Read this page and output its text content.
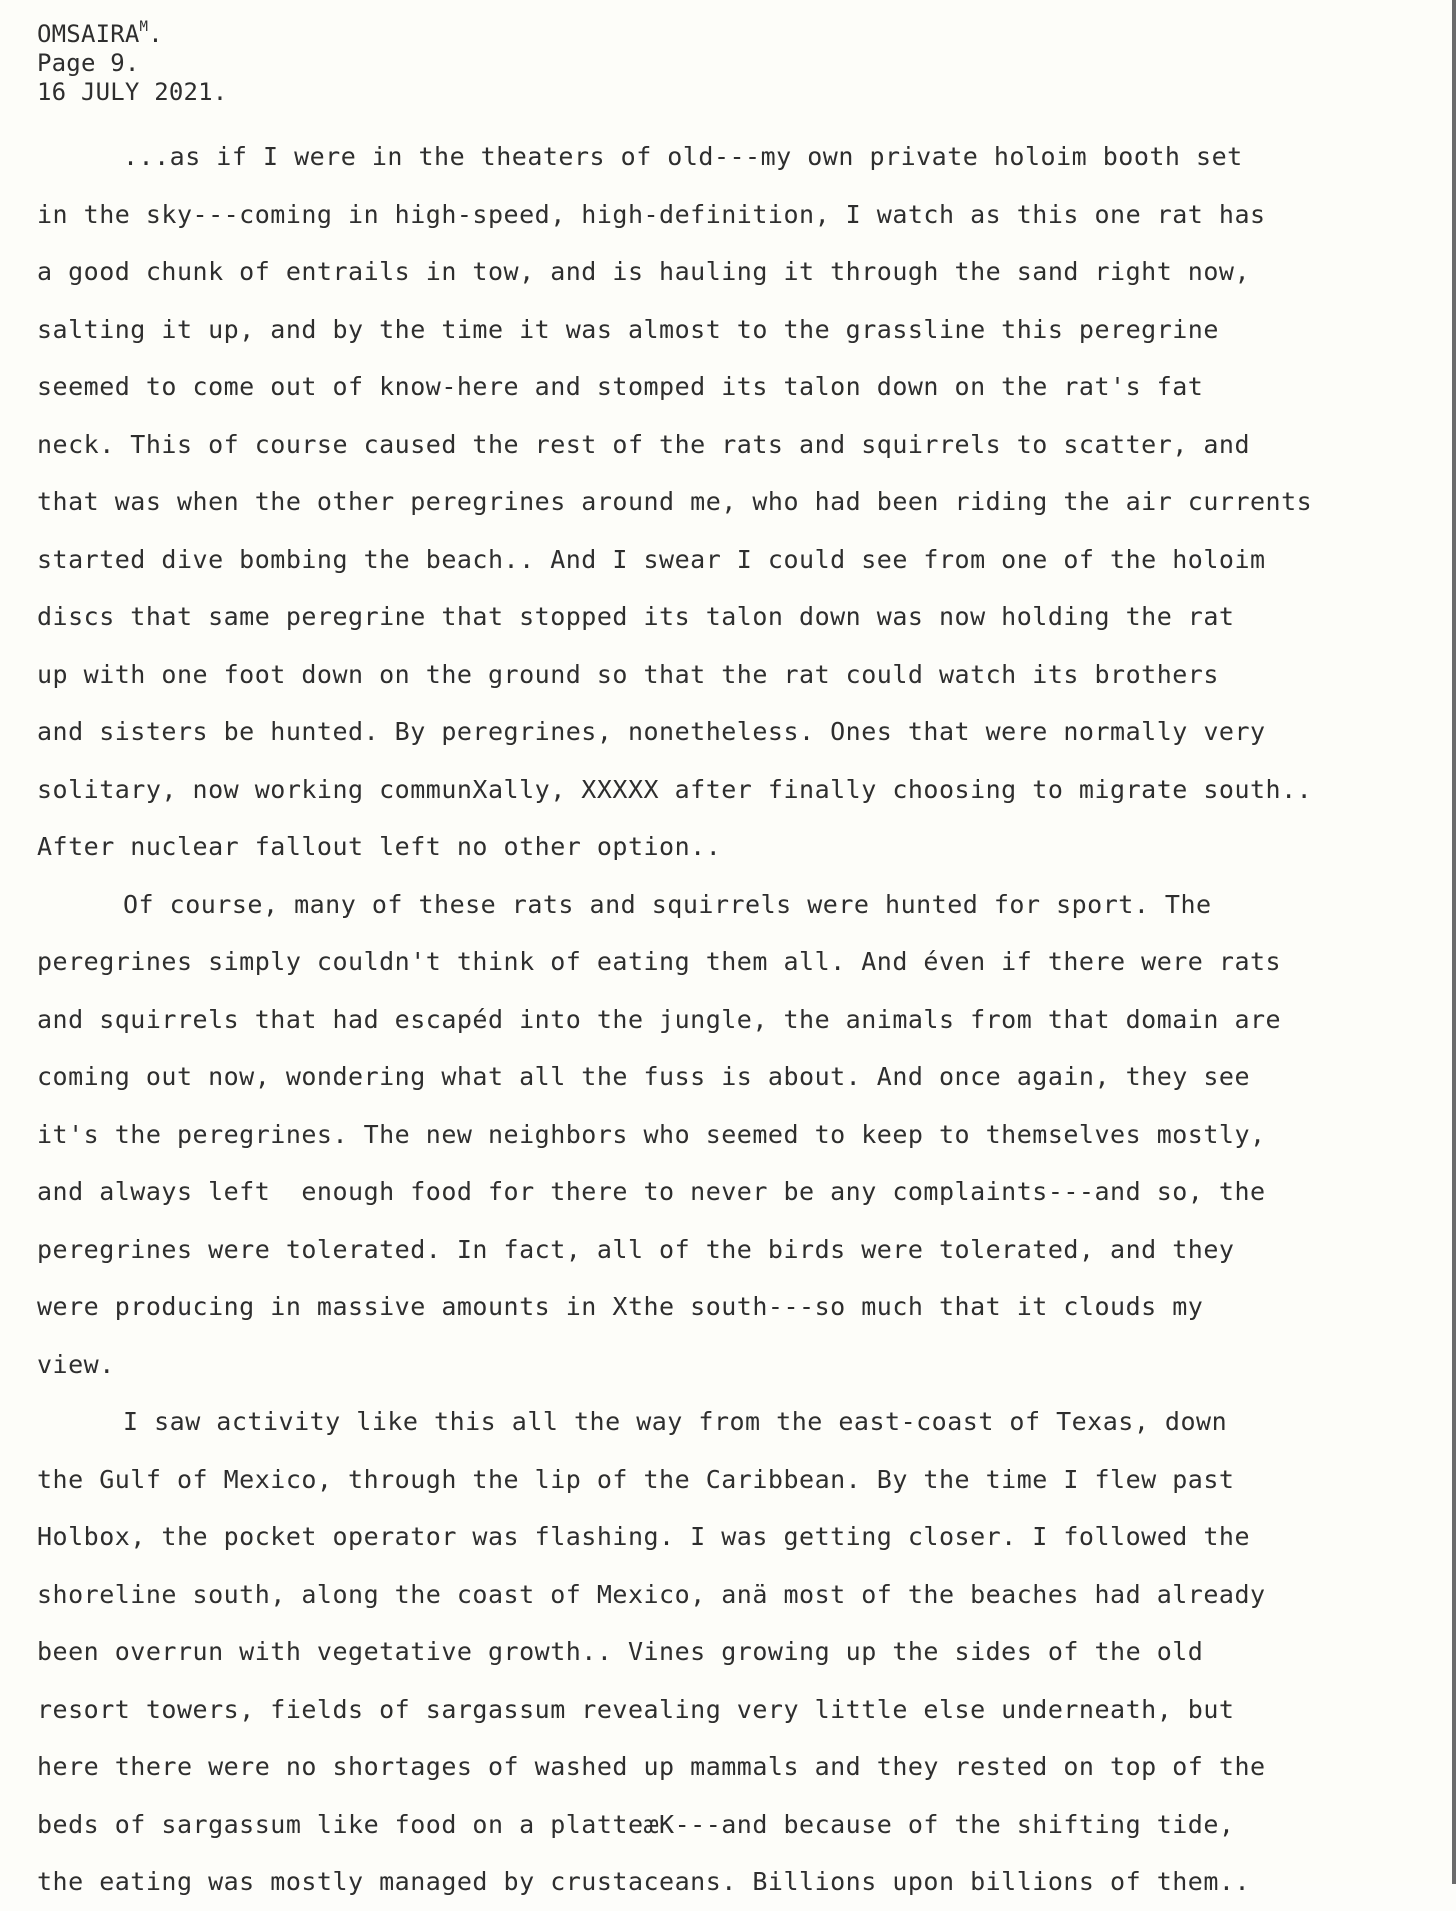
$OMSAIRA^M$.
Page 9.
16 JULY 2021.
...as if I were in the theaters of old---my own private holoim booth set
in the sky---coming in high-speed, high-definition, I watch as this one rat has
a good chunk of entrails in tow, and is hauling it through the sand right now,
salting it up, and by the time it was almost to the grassline this peregrine
seemed to come out of know-here and stomped its talon down on the rat's fat
neck. This of course caused the rest of the rats and squirrels to scatter, and
that was when the other peregrines around me, who had been riding the air currents
started dive bombing the beach.. And I swear I could see from one of the holoim
discs that same peregrine that stopped its talon down was now holding the rat
up with one foot down on the ground so that the rat could watch its brothers
and sisters be hunted. By peregrines, nonetheless. Ones that were normally very
solitary, now working communXally, XXXXX after finally choosing to migrate south..
After nuclear fallout left no other option..
Of course, many of these rats and squirrels were hunted for sport. The
peregrines simply couldn't think of eating them all. And éven if there were rats
and squirrels that had escapéd into the jungle, the animals from that domain are
coming out now, wondering what all the fuss is about. And once again, they see
it's the peregrines. The new neighbors who seemed to keep to themselves mostly,
and always left  enough food for there to never be any complaints---and so, the
peregrines were tolerated. In fact, all of the birds were tolerated, and they
were producing in massive amounts in Xthe south---so much that it clouds my
view.
I saw activity like this all the way from the east-coast of Texas, down
the Gulf of Mexico, through the lip of the Caribbean. By the time I flew past
Holbox, the pocket operator was flashing. I was getting closer. I followed the
shoreline south, along the coast of Mexico, anä most of the beaches had already
been overrun with vegetative growth.. Vines growing up the sides of the old
resort towers, fields of sargassum revealing very little else underneath, but
here there were no shortages of washed up mammals and they rested on top of the
beds of sargassum like food on a platteæK---and because of the shifting tide,
the eating was mostly managed by crustaceans. Billions upon billions of them..
